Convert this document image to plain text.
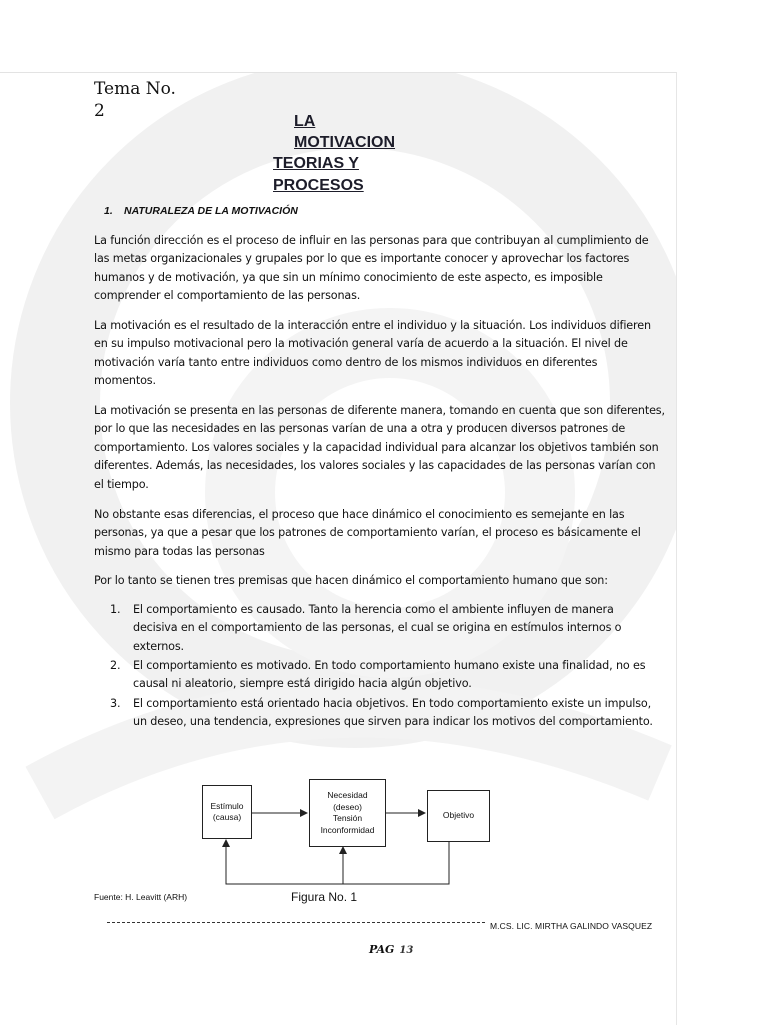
Tema No.
2
LA
MOTIVACION
TEORIAS Y
PROCESOS
1. NATURALEZA DE LA MOTIVACIÓN
La función dirección es el proceso de influir en las personas para que contribuyan al cumplimiento de
las metas organizacionales y grupales por lo que es importante conocer y aprovechar los factores
humanos y de motivación, ya que sin un mínimo conocimiento de este aspecto, es imposible
comprender el comportamiento de las personas.
La motivación es el resultado de la interacción entre el individuo y la situación. Los individuos difieren
en su impulso motivacional pero la motivación general varía de acuerdo a la situación. El nivel de
motivación varía tanto entre individuos como dentro de los mismos individuos en diferentes
momentos.
La motivación se presenta en las personas de diferente manera, tomando en cuenta que son diferentes,
por lo que las necesidades en las personas varían de una a otra y producen diversos patrones de
comportamiento. Los valores sociales y la capacidad individual para alcanzar los objetivos también son
diferentes. Además, las necesidades, los valores sociales y las capacidades de las personas varían con
el tiempo.
No obstante esas diferencias, el proceso que hace dinámico el conocimiento es semejante en las
personas, ya que a pesar que los patrones de comportamiento varían, el proceso es básicamente el
mismo para todas las personas
Por lo tanto se tienen tres premisas que hacen dinámico el comportamiento humano que son:
1. El comportamiento es causado. Tanto la herencia como el ambiente influyen de manera
decisiva en el comportamiento de las personas, el cual se origina en estímulos internos o
externos.
2. El comportamiento es motivado. En todo comportamiento humano existe una finalidad, no es
causal ni aleatorio, siempre está dirigido hacia algún objetivo.
3. El comportamiento está orientado hacia objetivos. En todo comportamiento existe un impulso,
un deseo, una tendencia, expresiones que sirven para indicar los motivos del comportamiento.
Estímulo
(causa)
Necesidad
(deseo)
Tensión
Inconformidad
Objetivo
Fuente: H. Leavitt (ARH)	Figura No. 1
M.CS. LIC. MIRTHA GALINDO VASQUEZ
PAG 13
